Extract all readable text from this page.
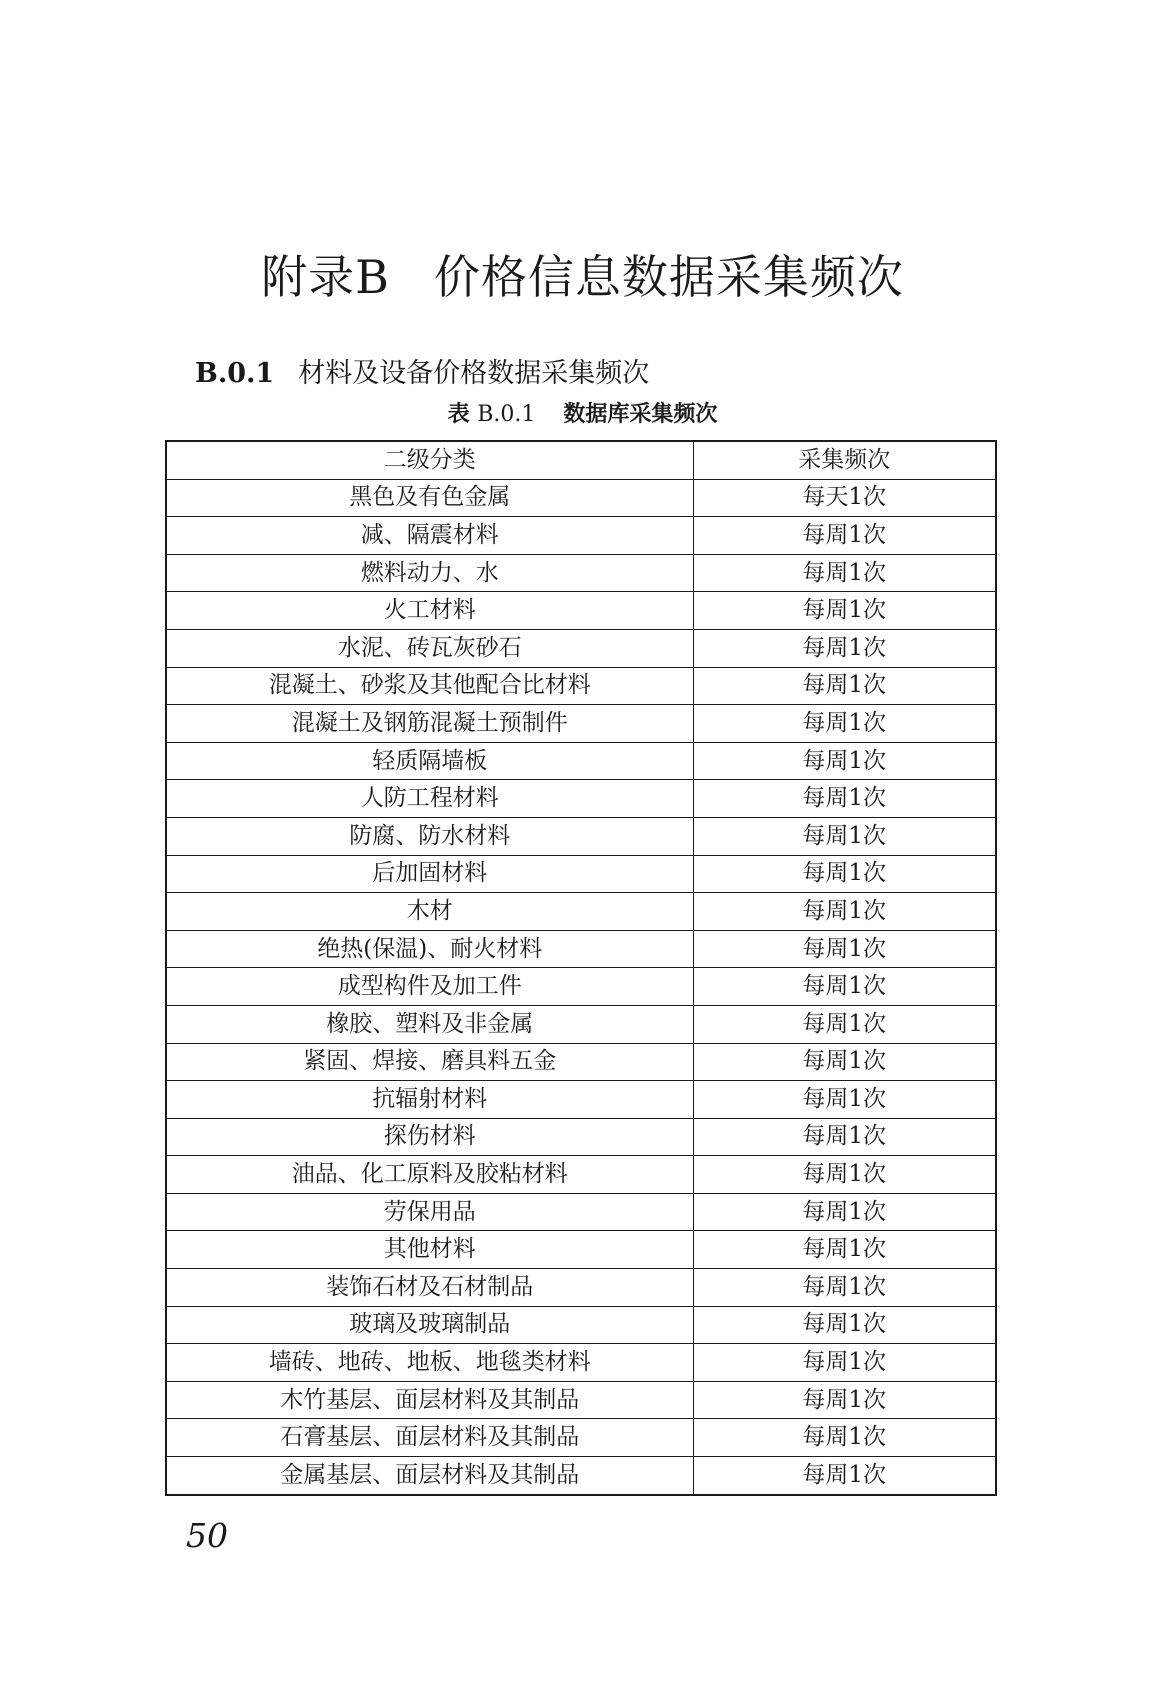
附录B 价格信息数据采集频次
B.0.1 材料及设备价格数据采集频次
表 B.0.1 数据库采集频次
二级分类	采集频次
黑色及有色金属	每天1次
减、隔震材料	每周1次
燃料动力、水	每周1次
火工材料	每周1次
水泥、砖瓦灰砂石	每周1次
混凝土、砂浆及其他配合比材料	每周1次
混凝土及钢筋混凝土预制件	每周1次
轻质隔墙板	每周1次
人防工程材料	每周1次
防腐、防水材料	每周1次
后加固材料	每周1次
木材	每周1次
绝热(保温)、耐火材料	每周1次
成型构件及加工件	每周1次
橡胶、塑料及非金属	每周1次
紧固、焊接、磨具料五金	每周1次
抗辐射材料	每周1次
探伤材料	每周1次
油品、化工原料及胶粘材料	每周1次
劳保用品	每周1次
其他材料	每周1次
装饰石材及石材制品	每周1次
玻璃及玻璃制品	每周1次
墙砖、地砖、地板、地毯类材料	每周1次
木竹基层、面层材料及其制品	每周1次
石膏基层、面层材料及其制品	每周1次
金属基层、面层材料及其制品	每周1次
50
